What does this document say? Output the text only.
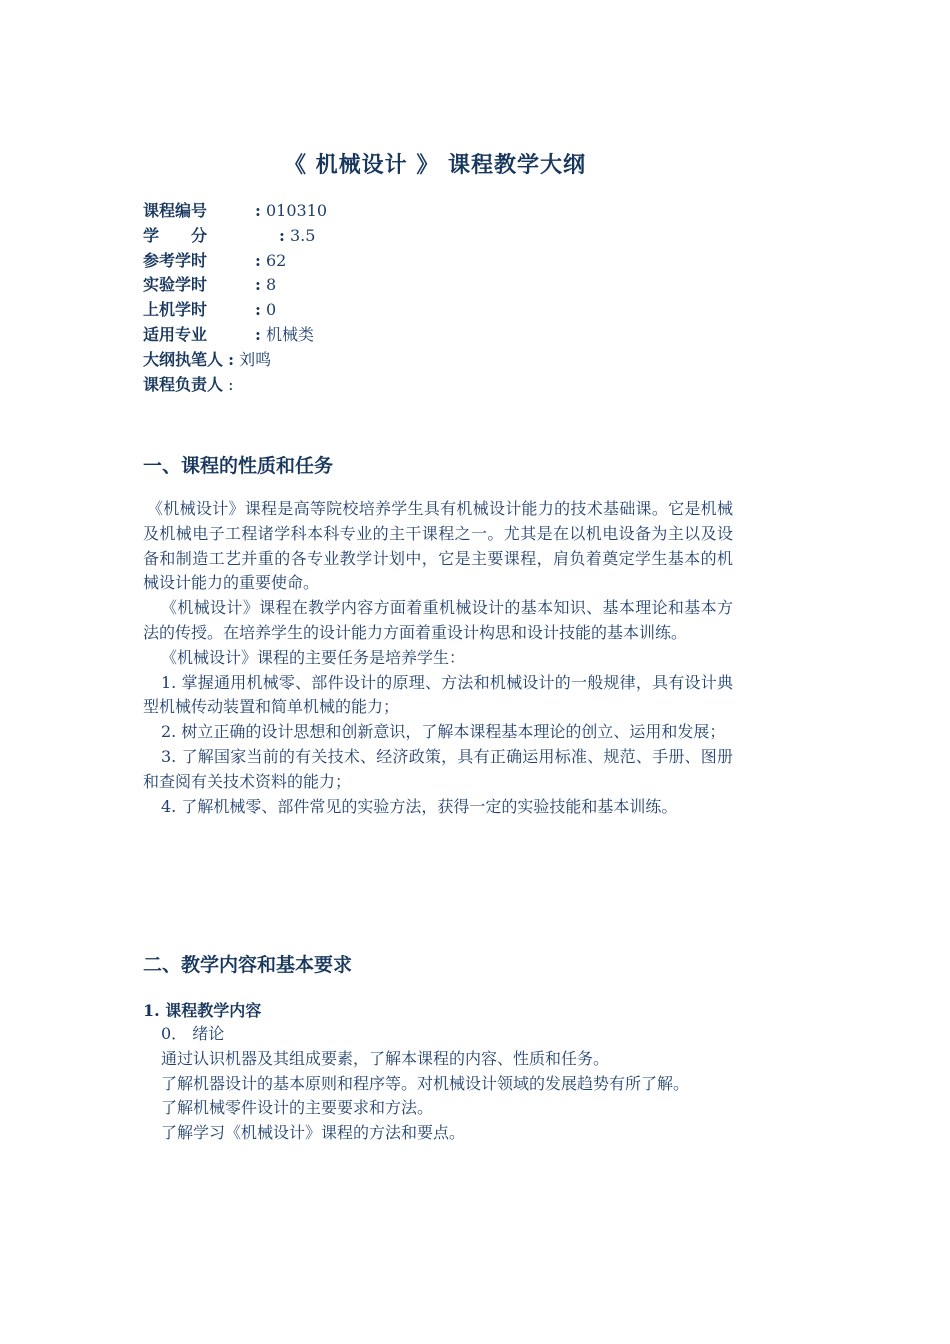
《 机械设计 》 课程教学大纲
课程编号	: 010310
学　　分	: 3.5
参考学时	: 62
实验学时	: 8
上机学时	: 0
适用专业	: 机械类
大纲执笔人 : 刘鸣
课程负责人 :
一、课程的性质和任务

《机械设计》课程是高等院校培养学生具有机械设计能力的技术基础课。它是机械及机械电子工程诸学科本科专业的主干课程之一。尤其是在以机电设备为主以及设备和制造工艺并重的各专业教学计划中，它是主要课程，肩负着奠定学生基本的机械设计能力的重要使命。

《机械设计》课程在教学内容方面着重机械设计的基本知识、基本理论和基本方法的传授。在培养学生的设计能力方面着重设计构思和设计技能的基本训练。

《机械设计》课程的主要任务是培养学生：

1. 掌握通用机械零、部件设计的原理、方法和机械设计的一般规律，具有设计典型机械传动装置和简单机械的能力；

2. 树立正确的设计思想和创新意识，了解本课程基本理论的创立、运用和发展；

3. 了解国家当前的有关技术、经济政策，具有正确运用标准、规范、手册、图册和查阅有关技术资料的能力；

4. 了解机械零、部件常见的实验方法，获得一定的实验技能和基本训练。

二、教学内容和基本要求
1. 课程教学内容

0． 绪论

通过认识机器及其组成要素，了解本课程的内容、性质和任务。

了解机器设计的基本原则和程序等。对机械设计领域的发展趋势有所了解。

了解机械零件设计的主要要求和方法。

了解学习《机械设计》课程的方法和要点。
